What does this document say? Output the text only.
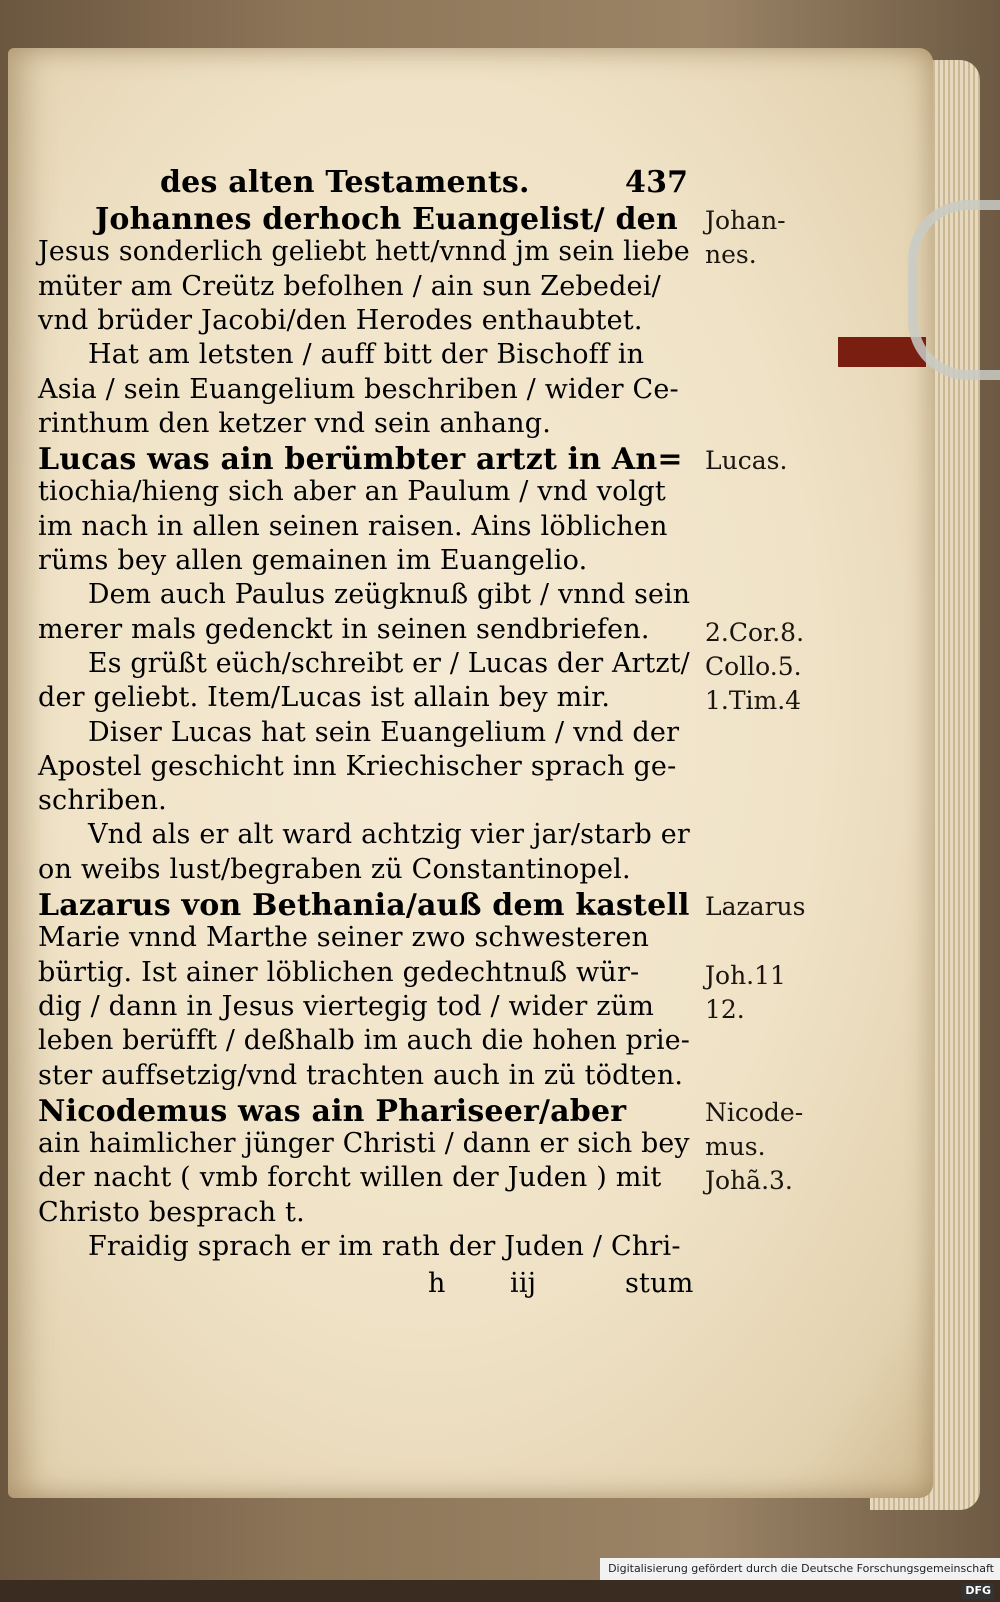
des alten Testaments.	437
Johannes derhoch Euangelist/ den
Jesus sonderlich geliebt hett/vnnd jm sein liebe
müter am Creütz befolhen / ain sun Zebedei/
vnd brüder Jacobi/den Herodes enthaubtet.
Hat am letsten / auff bitt der Bischoff in
Asia / sein Euangelium beschriben / wider Ce-
rinthum den ketzer vnd sein anhang.
Lucas was ain berümbter artzt in An=
tiochia/hieng sich aber an Paulum / vnd volgt
im nach in allen seinen raisen. Ains löblichen
rüms bey allen gemainen im Euangelio.
Dem auch Paulus zeügknuß gibt / vnnd sein
merer mals gedenckt in seinen sendbriefen.
Es grüßt eüch/schreibt er / Lucas der Artzt/
der geliebt. Item/Lucas ist allain bey mir.
Diser Lucas hat sein Euangelium / vnd der
Apostel geschicht inn Kriechischer sprach ge-
schriben.
Vnd als er alt ward achtzig vier jar/starb er
on weibs lust/begraben zü Constantinopel.
Lazarus von Bethania/auß dem kastell
Marie vnnd Marthe seiner zwo schwesteren
bürtig. Ist ainer löblichen gedechtnuß wür-
dig / dann in Jesus viertegig tod / wider züm
leben berüfft / deßhalb im auch die hohen prie-
ster auffsetzig/vnd trachten auch in zü tödten.
Nicodemus was ain Phariseer/aber
ain haimlicher jünger Christi / dann er sich bey
der nacht ( vmb forcht willen der Juden ) mit
Christo besprach t.
Fraidig sprach er im rath der Juden / Chri-
Johan-
nes.
Lucas.
2.Cor.8.
Collo.5.
1.Tim.4
Lazarus
Joh.11
12.
Nicode-
mus.
Johã.3.
h iij	stum
Digitalisierung gefördert durch die Deutsche Forschungsgemeinschaft DFG
